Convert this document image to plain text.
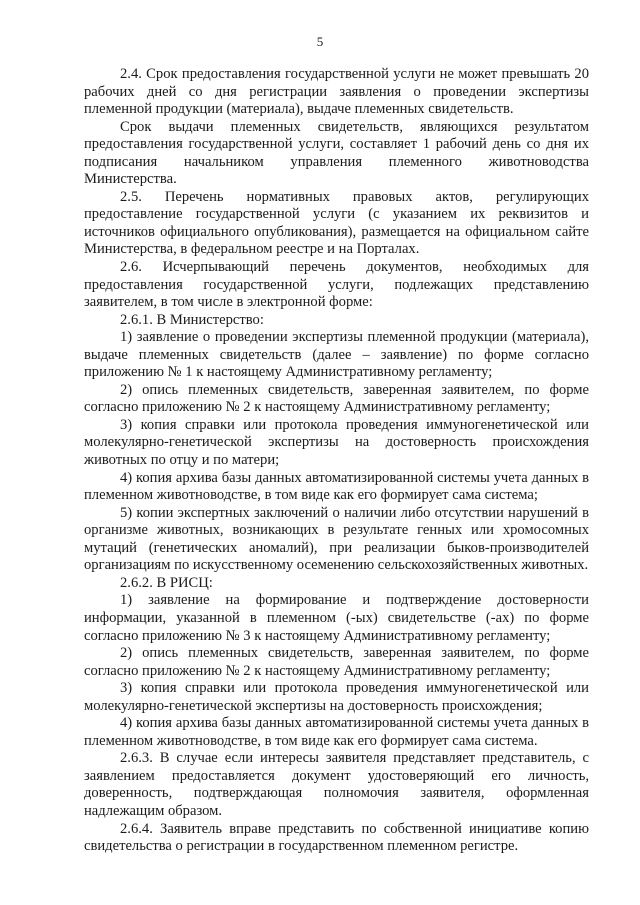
5

2.4. Срок предоставления государственной услуги не может превышать 20 рабочих дней со дня регистрации заявления о проведении экспертизы племенной продукции (материала), выдаче племенных свидетельств.

Срок выдачи племенных свидетельств, являющихся результатом предоставления государственной услуги, составляет 1 рабочий день со дня их подписания начальником управления племенного животноводства Министерства.

2.5. Перечень нормативных правовых актов, регулирующих предоставление государственной услуги (с указанием их реквизитов и источников официального опубликования), размещается на официальном сайте Министерства, в федеральном реестре и на Порталах.

2.6. Исчерпывающий перечень документов, необходимых для предоставления государственной услуги, подлежащих представлению заявителем, в том числе в электронной форме:

2.6.1. В Министерство:

1) заявление о проведении экспертизы племенной продукции (материала), выдаче племенных свидетельств (далее – заявление) по форме согласно приложению № 1 к настоящему Административному регламенту;

2) опись племенных свидетельств, заверенная заявителем, по форме согласно приложению № 2 к настоящему Административному регламенту;

3) копия справки или протокола проведения иммуногенетической или молекулярно-генетической экспертизы на достоверность происхождения животных по отцу и по матери;

4) копия архива базы данных автоматизированной системы учета данных в племенном животноводстве, в том виде как его формирует сама система;

5) копии экспертных заключений о наличии либо отсутствии нарушений в организме животных, возникающих в результате генных или хромосомных мутаций (генетических аномалий), при реализации быков-производителей организациям по искусственному осеменению сельскохозяйственных животных.

2.6.2. В РИСЦ:

1) заявление на формирование и подтверждение достоверности информации, указанной в племенном (-ых) свидетельстве (-ах) по форме согласно приложению № 3 к настоящему Административному регламенту;

2) опись племенных свидетельств, заверенная заявителем, по форме согласно приложению № 2 к настоящему Административному регламенту;

3) копия справки или протокола проведения иммуногенетической или молекулярно-генетической экспертизы на достоверность происхождения;

4) копия архива базы данных автоматизированной системы учета данных в племенном животноводстве, в том виде как его формирует сама система.

2.6.3. В случае если интересы заявителя представляет представитель, с заявлением предоставляется документ удостоверяющий его личность, доверенность, подтверждающая полномочия заявителя, оформленная надлежащим образом.

2.6.4. Заявитель вправе представить по собственной инициативе копию свидетельства о регистрации в государственном племенном регистре.
